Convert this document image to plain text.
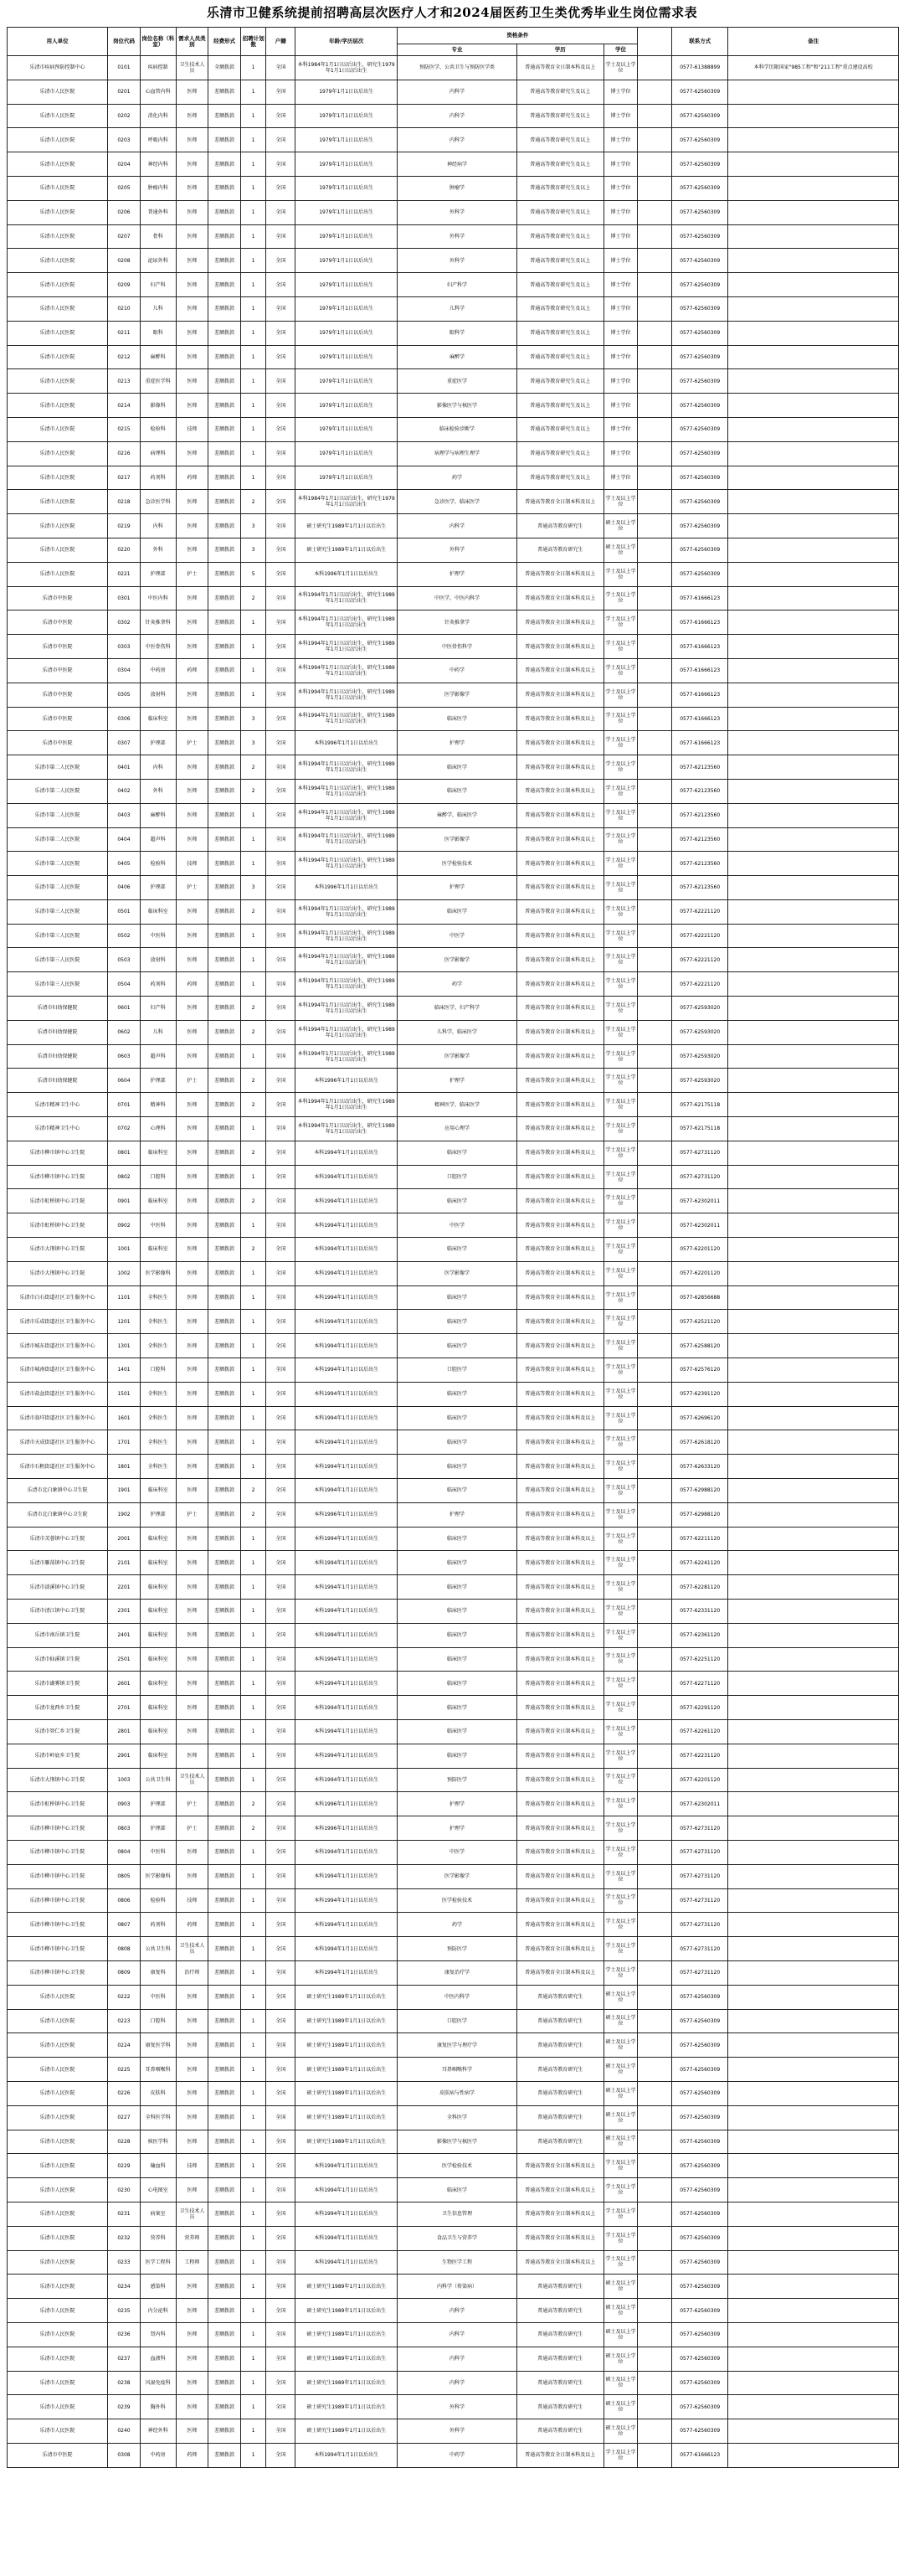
乐清市卫健系统提前招聘高层次医疗人才和2024届医药卫生类优秀毕业生岗位需求表
用人单位	岗位代码	岗位名称（科室）	需求人员类别	经费形式	招聘计划数	户籍	年龄/学历层次	资格条件				联系方式	备注
								专业	学历	学位			
乐清市疾病预防控制中心	0101	疾病控制	卫生技术人员	全额拨款	1	全国	本科1984年1月1日以后出生，研究生1979年1月1日以后出生	预防医学，公共卫生与预防医学类	普通高等教育全日制本科及以上	学士及以上学位		0577-61388899	本科学历限国家"985工程"和"211工程"重点建设高校
乐清市人民医院	0201	心血管内科	医师	差额拨款	1	全国	1979年1月1日以后出生	内科学	普通高等教育研究生及以上	博士学位		0577-62560309	
乐清市人民医院	0202	消化内科	医师	差额拨款	1	全国	1979年1月1日以后出生	内科学	普通高等教育研究生及以上	博士学位		0577-62560309	
乐清市人民医院	0203	呼吸内科	医师	差额拨款	1	全国	1979年1月1日以后出生	内科学	普通高等教育研究生及以上	博士学位		0577-62560309	
乐清市人民医院	0204	神经内科	医师	差额拨款	1	全国	1979年1月1日以后出生	神经病学	普通高等教育研究生及以上	博士学位		0577-62560309	
乐清市人民医院	0205	肿瘤内科	医师	差额拨款	1	全国	1979年1月1日以后出生	肿瘤学	普通高等教育研究生及以上	博士学位		0577-62560309	
乐清市人民医院	0206	普通外科	医师	差额拨款	1	全国	1979年1月1日以后出生	外科学	普通高等教育研究生及以上	博士学位		0577-62560309	
乐清市人民医院	0207	骨科	医师	差额拨款	1	全国	1979年1月1日以后出生	外科学	普通高等教育研究生及以上	博士学位		0577-62560309	
乐清市人民医院	0208	泌尿外科	医师	差额拨款	1	全国	1979年1月1日以后出生	外科学	普通高等教育研究生及以上	博士学位		0577-62560309	
乐清市人民医院	0209	妇产科	医师	差额拨款	1	全国	1979年1月1日以后出生	妇产科学	普通高等教育研究生及以上	博士学位		0577-62560309	
乐清市人民医院	0210	儿科	医师	差额拨款	1	全国	1979年1月1日以后出生	儿科学	普通高等教育研究生及以上	博士学位		0577-62560309	
乐清市人民医院	0211	眼科	医师	差额拨款	1	全国	1979年1月1日以后出生	眼科学	普通高等教育研究生及以上	博士学位		0577-62560309	
乐清市人民医院	0212	麻醉科	医师	差额拨款	1	全国	1979年1月1日以后出生	麻醉学	普通高等教育研究生及以上	博士学位		0577-62560309	
乐清市人民医院	0213	重症医学科	医师	差额拨款	1	全国	1979年1月1日以后出生	重症医学	普通高等教育研究生及以上	博士学位		0577-62560309	
乐清市人民医院	0214	影像科	医师	差额拨款	1	全国	1979年1月1日以后出生	影像医学与核医学	普通高等教育研究生及以上	博士学位		0577-62560309	
乐清市人民医院	0215	检验科	技师	差额拨款	1	全国	1979年1月1日以后出生	临床检验诊断学	普通高等教育研究生及以上	博士学位		0577-62560309	
乐清市人民医院	0216	病理科	医师	差额拨款	1	全国	1979年1月1日以后出生	病理学与病理生理学	普通高等教育研究生及以上	博士学位		0577-62560309	
乐清市人民医院	0217	药剂科	药师	差额拨款	1	全国	1979年1月1日以后出生	药学	普通高等教育研究生及以上	博士学位		0577-62560309	
乐清市人民医院	0218	急诊医学科	医师	差额拨款	2	全国	本科1984年1月1日以后出生，研究生1979年1月1日以后出生	急诊医学，临床医学	普通高等教育全日制本科及以上	学士及以上学位		0577-62560309	
乐清市人民医院	0219	内科	医师	差额拨款	3	全国	硕士研究生1989年1月1日以后出生	内科学	普通高等教育研究生	硕士及以上学位		0577-62560309	
乐清市人民医院	0220	外科	医师	差额拨款	3	全国	硕士研究生1989年1月1日以后出生	外科学	普通高等教育研究生	硕士及以上学位		0577-62560309	
乐清市人民医院	0221	护理部	护士	差额拨款	5	全国	本科1996年1月1日以后出生	护理学	普通高等教育全日制本科及以上	学士及以上学位		0577-62560309	
乐清市中医院	0301	中医内科	医师	差额拨款	2	全国	本科1994年1月1日以后出生，研究生1989年1月1日以后出生	中医学，中医内科学	普通高等教育全日制本科及以上	学士及以上学位		0577-61666123	
乐清市中医院	0302	针灸推拿科	医师	差额拨款	1	全国	本科1994年1月1日以后出生，研究生1989年1月1日以后出生	针灸推拿学	普通高等教育全日制本科及以上	学士及以上学位		0577-61666123	
乐清市中医院	0303	中医骨伤科	医师	差额拨款	1	全国	本科1994年1月1日以后出生，研究生1989年1月1日以后出生	中医骨伤科学	普通高等教育全日制本科及以上	学士及以上学位		0577-61666123	
乐清市中医院	0304	中药房	药师	差额拨款	1	全国	本科1994年1月1日以后出生，研究生1989年1月1日以后出生	中药学	普通高等教育全日制本科及以上	学士及以上学位		0577-61666123	
乐清市中医院	0305	放射科	医师	差额拨款	1	全国	本科1994年1月1日以后出生，研究生1989年1月1日以后出生	医学影像学	普通高等教育全日制本科及以上	学士及以上学位		0577-61666123	
乐清市中医院	0306	临床科室	医师	差额拨款	3	全国	本科1994年1月1日以后出生，研究生1989年1月1日以后出生	临床医学	普通高等教育全日制本科及以上	学士及以上学位		0577-61666123	
乐清市中医院	0307	护理部	护士	差额拨款	3	全国	本科1996年1月1日以后出生	护理学	普通高等教育全日制本科及以上	学士及以上学位		0577-61666123	
乐清市第二人民医院	0401	内科	医师	差额拨款	2	全国	本科1994年1月1日以后出生，研究生1989年1月1日以后出生	临床医学	普通高等教育全日制本科及以上	学士及以上学位		0577-62123560	
乐清市第二人民医院	0402	外科	医师	差额拨款	2	全国	本科1994年1月1日以后出生，研究生1989年1月1日以后出生	临床医学	普通高等教育全日制本科及以上	学士及以上学位		0577-62123560	
乐清市第二人民医院	0403	麻醉科	医师	差额拨款	1	全国	本科1994年1月1日以后出生，研究生1989年1月1日以后出生	麻醉学，临床医学	普通高等教育全日制本科及以上	学士及以上学位		0577-62123560	
乐清市第二人民医院	0404	超声科	医师	差额拨款	1	全国	本科1994年1月1日以后出生，研究生1989年1月1日以后出生	医学影像学	普通高等教育全日制本科及以上	学士及以上学位		0577-62123560	
乐清市第二人民医院	0405	检验科	技师	差额拨款	1	全国	本科1994年1月1日以后出生，研究生1989年1月1日以后出生	医学检验技术	普通高等教育全日制本科及以上	学士及以上学位		0577-62123560	
乐清市第二人民医院	0406	护理部	护士	差额拨款	3	全国	本科1996年1月1日以后出生	护理学	普通高等教育全日制本科及以上	学士及以上学位		0577-62123560	
乐清市第三人民医院	0501	临床科室	医师	差额拨款	2	全国	本科1994年1月1日以后出生，研究生1989年1月1日以后出生	临床医学	普通高等教育全日制本科及以上	学士及以上学位		0577-62221120	
乐清市第三人民医院	0502	中医科	医师	差额拨款	1	全国	本科1994年1月1日以后出生，研究生1989年1月1日以后出生	中医学	普通高等教育全日制本科及以上	学士及以上学位		0577-62221120	
乐清市第三人民医院	0503	放射科	医师	差额拨款	1	全国	本科1994年1月1日以后出生，研究生1989年1月1日以后出生	医学影像学	普通高等教育全日制本科及以上	学士及以上学位		0577-62221120	
乐清市第三人民医院	0504	药剂科	药师	差额拨款	1	全国	本科1994年1月1日以后出生，研究生1989年1月1日以后出生	药学	普通高等教育全日制本科及以上	学士及以上学位		0577-62221120	
乐清市妇幼保健院	0601	妇产科	医师	差额拨款	2	全国	本科1994年1月1日以后出生，研究生1989年1月1日以后出生	临床医学，妇产科学	普通高等教育全日制本科及以上	学士及以上学位		0577-62593020	
乐清市妇幼保健院	0602	儿科	医师	差额拨款	2	全国	本科1994年1月1日以后出生，研究生1989年1月1日以后出生	儿科学，临床医学	普通高等教育全日制本科及以上	学士及以上学位		0577-62593020	
乐清市妇幼保健院	0603	超声科	医师	差额拨款	1	全国	本科1994年1月1日以后出生，研究生1989年1月1日以后出生	医学影像学	普通高等教育全日制本科及以上	学士及以上学位		0577-62593020	
乐清市妇幼保健院	0604	护理部	护士	差额拨款	2	全国	本科1996年1月1日以后出生	护理学	普通高等教育全日制本科及以上	学士及以上学位		0577-62593020	
乐清市精神卫生中心	0701	精神科	医师	差额拨款	2	全国	本科1994年1月1日以后出生，研究生1989年1月1日以后出生	精神医学，临床医学	普通高等教育全日制本科及以上	学士及以上学位		0577-62175118	
乐清市精神卫生中心	0702	心理科	医师	差额拨款	1	全国	本科1994年1月1日以后出生，研究生1989年1月1日以后出生	应用心理学	普通高等教育全日制本科及以上	学士及以上学位		0577-62175118	
乐清市柳市镇中心卫生院	0801	临床科室	医师	差额拨款	2	全国	本科1994年1月1日以后出生	临床医学	普通高等教育全日制本科及以上	学士及以上学位		0577-62731120	
乐清市柳市镇中心卫生院	0802	口腔科	医师	差额拨款	1	全国	本科1994年1月1日以后出生	口腔医学	普通高等教育全日制本科及以上	学士及以上学位		0577-62731120	
乐清市虹桥镇中心卫生院	0901	临床科室	医师	差额拨款	2	全国	本科1994年1月1日以后出生	临床医学	普通高等教育全日制本科及以上	学士及以上学位		0577-62302011	
乐清市虹桥镇中心卫生院	0902	中医科	医师	差额拨款	1	全国	本科1994年1月1日以后出生	中医学	普通高等教育全日制本科及以上	学士及以上学位		0577-62302011	
乐清市大荆镇中心卫生院	1001	临床科室	医师	差额拨款	2	全国	本科1994年1月1日以后出生	临床医学	普通高等教育全日制本科及以上	学士及以上学位		0577-62201120	
乐清市大荆镇中心卫生院	1002	医学影像科	医师	差额拨款	1	全国	本科1994年1月1日以后出生	医学影像学	普通高等教育全日制本科及以上	学士及以上学位		0577-62201120	
乐清市白石街道社区卫生服务中心	1101	全科医生	医师	差额拨款	1	全国	本科1994年1月1日以后出生	临床医学	普通高等教育全日制本科及以上	学士及以上学位		0577-62856688	
乐清市乐成街道社区卫生服务中心	1201	全科医生	医师	差额拨款	1	全国	本科1994年1月1日以后出生	临床医学	普通高等教育全日制本科及以上	学士及以上学位		0577-62521120	
乐清市城东街道社区卫生服务中心	1301	全科医生	医师	差额拨款	1	全国	本科1994年1月1日以后出生	临床医学	普通高等教育全日制本科及以上	学士及以上学位		0577-62588120	
乐清市城南街道社区卫生服务中心	1401	口腔科	医师	差额拨款	1	全国	本科1994年1月1日以后出生	口腔医学	普通高等教育全日制本科及以上	学士及以上学位		0577-62576120	
乐清市盐盆街道社区卫生服务中心	1501	全科医生	医师	差额拨款	1	全国	本科1994年1月1日以后出生	临床医学	普通高等教育全日制本科及以上	学士及以上学位		0577-62391120	
乐清市翁垟街道社区卫生服务中心	1601	全科医生	医师	差额拨款	1	全国	本科1994年1月1日以后出生	临床医学	普通高等教育全日制本科及以上	学士及以上学位		0577-62696120	
乐清市天成街道社区卫生服务中心	1701	全科医生	医师	差额拨款	1	全国	本科1994年1月1日以后出生	临床医学	普通高等教育全日制本科及以上	学士及以上学位		0577-62618120	
乐清市石帆街道社区卫生服务中心	1801	全科医生	医师	差额拨款	1	全国	本科1994年1月1日以后出生	临床医学	普通高等教育全日制本科及以上	学士及以上学位		0577-62633120	
乐清市北白象镇中心卫生院	1901	临床科室	医师	差额拨款	2	全国	本科1994年1月1日以后出生	临床医学	普通高等教育全日制本科及以上	学士及以上学位		0577-62988120	
乐清市北白象镇中心卫生院	1902	护理部	护士	差额拨款	2	全国	本科1996年1月1日以后出生	护理学	普通高等教育全日制本科及以上	学士及以上学位		0577-62988120	
乐清市芙蓉镇中心卫生院	2001	临床科室	医师	差额拨款	1	全国	本科1994年1月1日以后出生	临床医学	普通高等教育全日制本科及以上	学士及以上学位		0577-62211120	
乐清市雁荡镇中心卫生院	2101	临床科室	医师	差额拨款	1	全国	本科1994年1月1日以后出生	临床医学	普通高等教育全日制本科及以上	学士及以上学位		0577-62241120	
乐清市淡溪镇中心卫生院	2201	临床科室	医师	差额拨款	1	全国	本科1994年1月1日以后出生	临床医学	普通高等教育全日制本科及以上	学士及以上学位		0577-62281120	
乐清市清江镇中心卫生院	2301	临床科室	医师	差额拨款	1	全国	本科1994年1月1日以后出生	临床医学	普通高等教育全日制本科及以上	学士及以上学位		0577-62331120	
乐清市南岳镇卫生院	2401	临床科室	医师	差额拨款	1	全国	本科1994年1月1日以后出生	临床医学	普通高等教育全日制本科及以上	学士及以上学位		0577-62361120	
乐清市仙溪镇卫生院	2501	临床科室	医师	差额拨款	1	全国	本科1994年1月1日以后出生	临床医学	普通高等教育全日制本科及以上	学士及以上学位		0577-62251120	
乐清市湖雾镇卫生院	2601	临床科室	医师	差额拨款	1	全国	本科1994年1月1日以后出生	临床医学	普通高等教育全日制本科及以上	学士及以上学位		0577-62271120	
乐清市龙西乡卫生院	2701	临床科室	医师	差额拨款	1	全国	本科1994年1月1日以后出生	临床医学	普通高等教育全日制本科及以上	学士及以上学位		0577-62291120	
乐清市智仁乡卫生院	2801	临床科室	医师	差额拨款	1	全国	本科1994年1月1日以后出生	临床医学	普通高等教育全日制本科及以上	学士及以上学位		0577-62261120	
乐清市岭底乡卫生院	2901	临床科室	医师	差额拨款	1	全国	本科1994年1月1日以后出生	临床医学	普通高等教育全日制本科及以上	学士及以上学位		0577-62231120	
乐清市大荆镇中心卫生院	1003	公共卫生科	卫生技术人员	差额拨款	1	全国	本科1994年1月1日以后出生	预防医学	普通高等教育全日制本科及以上	学士及以上学位		0577-62201120	
乐清市虹桥镇中心卫生院	0903	护理部	护士	差额拨款	2	全国	本科1996年1月1日以后出生	护理学	普通高等教育全日制本科及以上	学士及以上学位		0577-62302011	
乐清市柳市镇中心卫生院	0803	护理部	护士	差额拨款	2	全国	本科1996年1月1日以后出生	护理学	普通高等教育全日制本科及以上	学士及以上学位		0577-62731120	
乐清市柳市镇中心卫生院	0804	中医科	医师	差额拨款	1	全国	本科1994年1月1日以后出生	中医学	普通高等教育全日制本科及以上	学士及以上学位		0577-62731120	
乐清市柳市镇中心卫生院	0805	医学影像科	医师	差额拨款	1	全国	本科1994年1月1日以后出生	医学影像学	普通高等教育全日制本科及以上	学士及以上学位		0577-62731120	
乐清市柳市镇中心卫生院	0806	检验科	技师	差额拨款	1	全国	本科1994年1月1日以后出生	医学检验技术	普通高等教育全日制本科及以上	学士及以上学位		0577-62731120	
乐清市柳市镇中心卫生院	0807	药剂科	药师	差额拨款	1	全国	本科1994年1月1日以后出生	药学	普通高等教育全日制本科及以上	学士及以上学位		0577-62731120	
乐清市柳市镇中心卫生院	0808	公共卫生科	卫生技术人员	差额拨款	1	全国	本科1994年1月1日以后出生	预防医学	普通高等教育全日制本科及以上	学士及以上学位		0577-62731120	
乐清市柳市镇中心卫生院	0809	康复科	治疗师	差额拨款	1	全国	本科1994年1月1日以后出生	康复治疗学	普通高等教育全日制本科及以上	学士及以上学位		0577-62731120	
乐清市人民医院	0222	中医科	医师	差额拨款	1	全国	硕士研究生1989年1月1日以后出生	中医内科学	普通高等教育研究生	硕士及以上学位		0577-62560309	
乐清市人民医院	0223	口腔科	医师	差额拨款	1	全国	硕士研究生1989年1月1日以后出生	口腔医学	普通高等教育研究生	硕士及以上学位		0577-62560309	
乐清市人民医院	0224	康复医学科	医师	差额拨款	1	全国	硕士研究生1989年1月1日以后出生	康复医学与理疗学	普通高等教育研究生	硕士及以上学位		0577-62560309	
乐清市人民医院	0225	耳鼻咽喉科	医师	差额拨款	1	全国	硕士研究生1989年1月1日以后出生	耳鼻咽喉科学	普通高等教育研究生	硕士及以上学位		0577-62560309	
乐清市人民医院	0226	皮肤科	医师	差额拨款	1	全国	硕士研究生1989年1月1日以后出生	皮肤病与性病学	普通高等教育研究生	硕士及以上学位		0577-62560309	
乐清市人民医院	0227	全科医学科	医师	差额拨款	1	全国	硕士研究生1989年1月1日以后出生	全科医学	普通高等教育研究生	硕士及以上学位		0577-62560309	
乐清市人民医院	0228	核医学科	医师	差额拨款	1	全国	硕士研究生1989年1月1日以后出生	影像医学与核医学	普通高等教育研究生	硕士及以上学位		0577-62560309	
乐清市人民医院	0229	输血科	技师	差额拨款	1	全国	本科1994年1月1日以后出生	医学检验技术	普通高等教育全日制本科及以上	学士及以上学位		0577-62560309	
乐清市人民医院	0230	心电图室	医师	差额拨款	1	全国	本科1994年1月1日以后出生	临床医学	普通高等教育全日制本科及以上	学士及以上学位		0577-62560309	
乐清市人民医院	0231	病案室	卫生技术人员	差额拨款	1	全国	本科1994年1月1日以后出生	卫生信息管理	普通高等教育全日制本科及以上	学士及以上学位		0577-62560309	
乐清市人民医院	0232	营养科	营养师	差额拨款	1	全国	本科1994年1月1日以后出生	食品卫生与营养学	普通高等教育全日制本科及以上	学士及以上学位		0577-62560309	
乐清市人民医院	0233	医学工程科	工程师	差额拨款	1	全国	本科1994年1月1日以后出生	生物医学工程	普通高等教育全日制本科及以上	学士及以上学位		0577-62560309	
乐清市人民医院	0234	感染科	医师	差额拨款	1	全国	硕士研究生1989年1月1日以后出生	内科学（传染病）	普通高等教育研究生	硕士及以上学位		0577-62560309	
乐清市人民医院	0235	内分泌科	医师	差额拨款	1	全国	硕士研究生1989年1月1日以后出生	内科学	普通高等教育研究生	硕士及以上学位		0577-62560309	
乐清市人民医院	0236	肾内科	医师	差额拨款	1	全国	硕士研究生1989年1月1日以后出生	内科学	普通高等教育研究生	硕士及以上学位		0577-62560309	
乐清市人民医院	0237	血液科	医师	差额拨款	1	全国	硕士研究生1989年1月1日以后出生	内科学	普通高等教育研究生	硕士及以上学位		0577-62560309	
乐清市人民医院	0238	风湿免疫科	医师	差额拨款	1	全国	硕士研究生1989年1月1日以后出生	内科学	普通高等教育研究生	硕士及以上学位		0577-62560309	
乐清市人民医院	0239	胸外科	医师	差额拨款	1	全国	硕士研究生1989年1月1日以后出生	外科学	普通高等教育研究生	硕士及以上学位		0577-62560309	
乐清市人民医院	0240	神经外科	医师	差额拨款	1	全国	硕士研究生1989年1月1日以后出生	外科学	普通高等教育研究生	硕士及以上学位		0577-62560309	
乐清市中医院	0308	中药房	药师	差额拨款	1	全国	本科1994年1月1日以后出生	中药学	普通高等教育全日制本科及以上	学士及以上学位		0577-61666123	
